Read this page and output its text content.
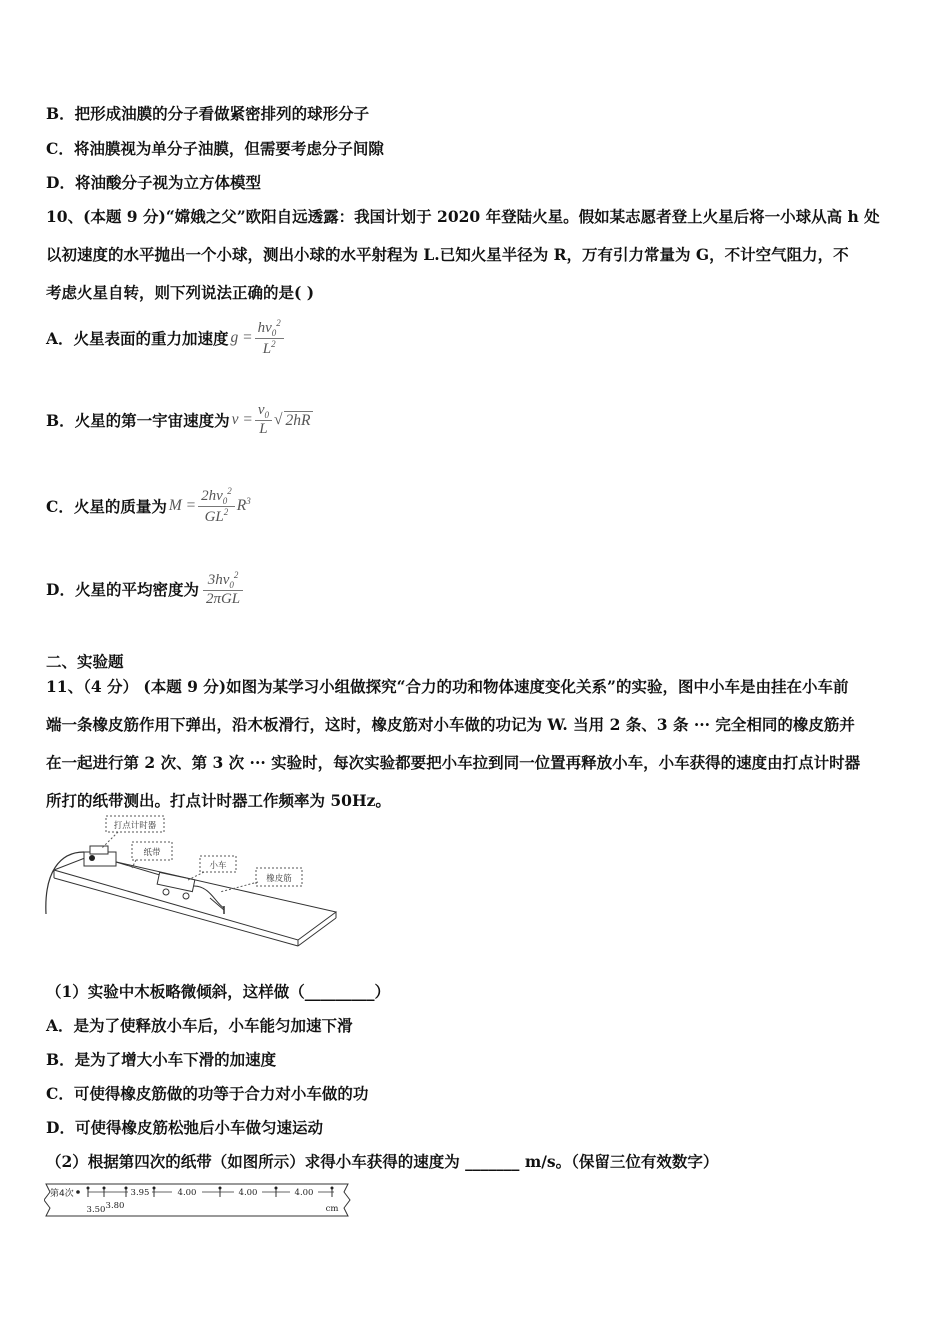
B．把形成油膜的分子看做紧密排列的球形分子
C．将油膜视为单分子油膜，但需要考虑分子间隙
D．将油酸分子视为立方体模型
10、(本题 9 分)“嫦娥之父”欧阳自远透露：我国计划于 2020 年登陆火星。假如某志愿者登上火星后将一小球从高 h 处
以初速度的水平抛出一个小球，测出小球的水平射程为 L.已知火星半径为 R，万有引力常量为 G，不计空气阻力，不
考虑火星自转，则下列说法正确的是( )
A．火星表面的重力加速度 $g = \frac{hv_0^2}{L^2}$
B．火星的第一宇宙速度为 $v = \frac{v_0}{L}$ √ 2hR
C．火星的质量为 $M = \frac{2hv_0^2}{GL^2} R^3$
D．火星的平均密度为 $\frac{3hv_0^2}{\text{2πGL}}$
二、实验题
11、（4 分） (本题 9 分)如图为某学习小组做探究“合力的功和物体速度变化关系”的实验，图中小车是由挂在小车前
端一条橡皮筋作用下弹出，沿木板滑行，这时，橡皮筋对小车做的功记为 W. 当用 2 条、3 条 ··· 完全相同的橡皮筋并
在一起进行第 2 次、第 3 次 ··· 实验时，每次实验都要把小车拉到同一位置再释放小车，小车获得的速度由打点计时器
所打的纸带测出。打点计时器工作频率为 50Hz。
打点计时器
纸带
小车
橡皮筋
（1）实验中木板略微倾斜，这样做（_________）
A．是为了使释放小车后，小车能匀加速下滑
B．是为了增大小车下滑的加速度
C．可使得橡皮筋做的功等于合力对小车做的功
D．可使得橡皮筋松弛后小车做匀速运动
（2）根据第四次的纸带（如图所示）求得小车获得的速度为 _______ m/s。（保留三位有效数字）
第4次
3.50 3.80
3.95	4.00	4.00	4.00
cm
